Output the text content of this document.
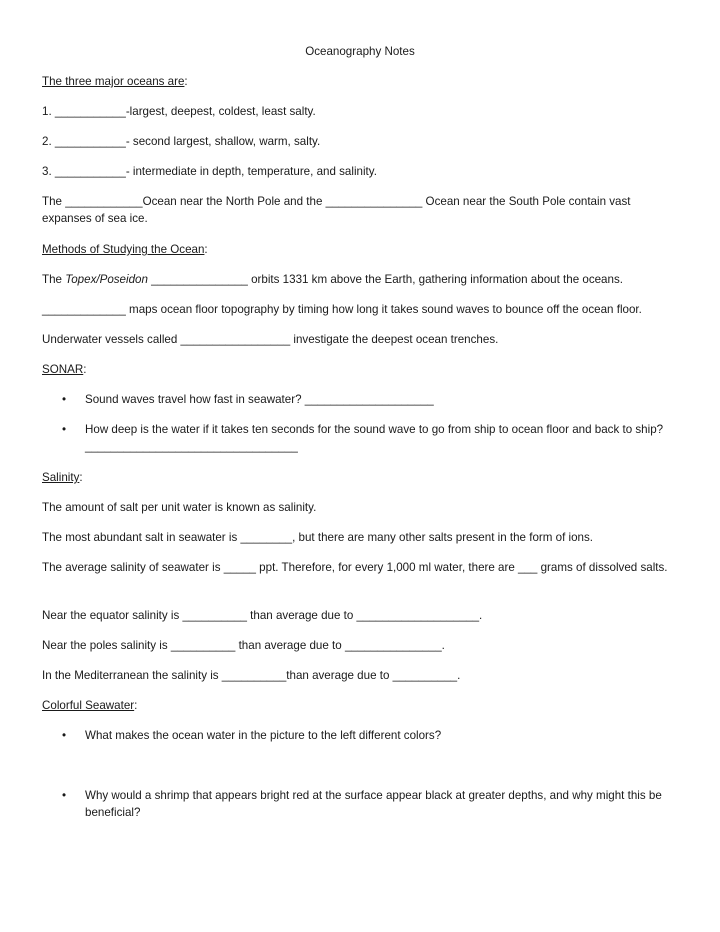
Oceanography Notes
The three major oceans are:
1. ___________-largest, deepest, coldest, least salty.
2. ___________- second largest, shallow, warm, salty.
3. ___________- intermediate in depth, temperature, and salinity.
The ____________Ocean near the North Pole and the _______________ Ocean near the South Pole contain vast expanses of sea ice.
Methods of Studying the Ocean:
The Topex/Poseidon _______________ orbits 1331 km above the Earth, gathering information about the oceans.
_____________ maps ocean floor topography by timing how long it takes sound waves to bounce off the ocean floor.
Underwater vessels called _________________ investigate the deepest ocean trenches.
SONAR:
• Sound waves travel how fast in seawater? ____________________
• How deep is the water if it takes ten seconds for the sound wave to go from ship to ocean floor and back to ship? _________________________________
Salinity:
The amount of salt per unit water is known as salinity.
The most abundant salt in seawater is ________, but there are many other salts present in the form of ions.
The average salinity of seawater is _____ ppt. Therefore, for every 1,000 ml water, there are ___ grams of dissolved salts.
Near the equator salinity is __________ than average due to ___________________.
Near the poles salinity is __________ than average due to _______________.
In the Mediterranean the salinity is __________than average due to __________.
Colorful Seawater:
• What makes the ocean water in the picture to the left different colors?
• Why would a shrimp that appears bright red at the surface appear black at greater depths, and why might this be beneficial?
